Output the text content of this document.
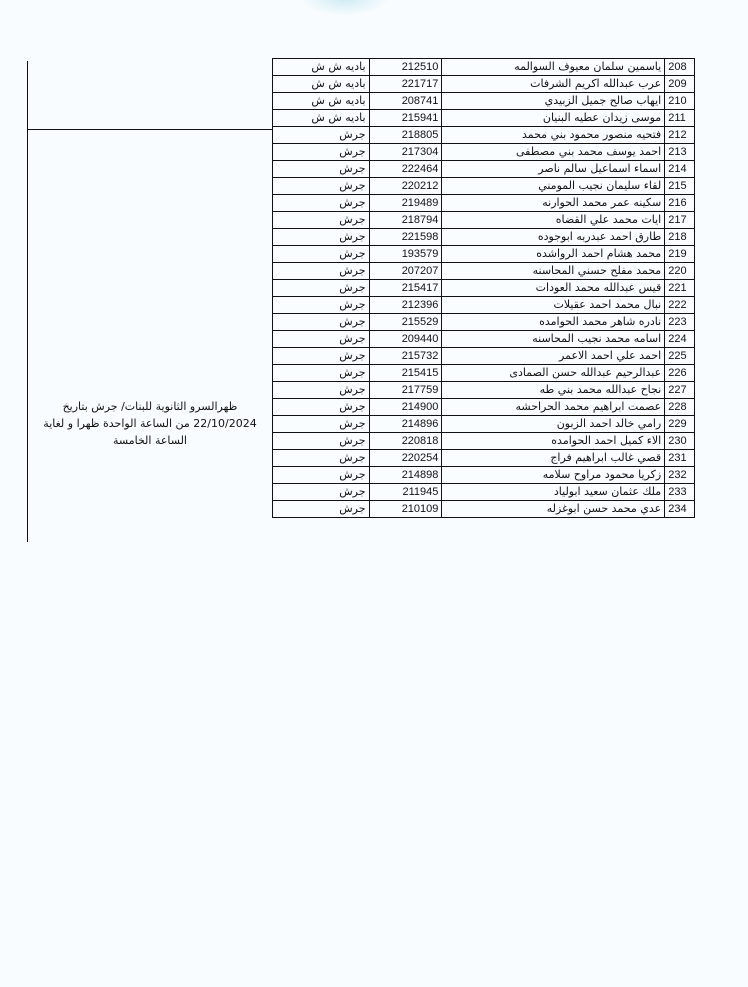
ظهرالسرو الثانوية للبنات/ جرش بتاريخ
22/10/2024 من الساعة الواحدة ظهرا و لغاية
الساعة الخامسة
باديه ش ش	212510	ياسمين سلمان معيوف السوالمه	208
باديه ش ش	221717	عرب عبدالله اكريم الشرفات	209
باديه ش ش	208741	ايهاب صالح جميل الزبيدي	210
باديه ش ش	215941	موسى زيدان عطيه البنيان	211
جرش	218805	فتحيه منصور محمود بني محمد	212
جرش	217304	احمد يوسف محمد بني مصطفى	213
جرش	222464	اسماء اسماعيل سالم ناصر	214
جرش	220212	لقاء سليمان نجيب المومني	215
جرش	219489	سكينه عمر محمد الحوارنه	216
جرش	218794	ايات محمد علي القضاه	217
جرش	221598	طارق احمد عبدربه ابوجوده	218
جرش	193579	محمد هشام احمد الرواشده	219
جرش	207207	محمد مفلح حسني المحاسنه	220
جرش	215417	قيس عبدالله محمد العودات	221
جرش	212396	نبال محمد احمد عقيلات	222
جرش	215529	نادره شاهر محمد الحوامده	223
جرش	209440	اسامه محمد نجيب المحاسنه	224
جرش	215732	احمد علي احمد الاعمر	225
جرش	215415	عبدالرحيم عبدالله حسن الصمادى	226
جرش	217759	نجاح عبدالله محمد بني طه	227
جرش	214900	عصمت ابراهيم محمد الحراحشه	228
جرش	214896	رامي خالد احمد الزبون	229
جرش	220818	الاء كميل احمد الحوامده	230
جرش	220254	قصي غالب ابراهيم فراج	231
جرش	214898	زكريا محمود مراوح سلامه	232
جرش	211945	ملك عثمان سعيد ابولياد	233
جرش	210109	عدي محمد حسن ابوغزله	234
